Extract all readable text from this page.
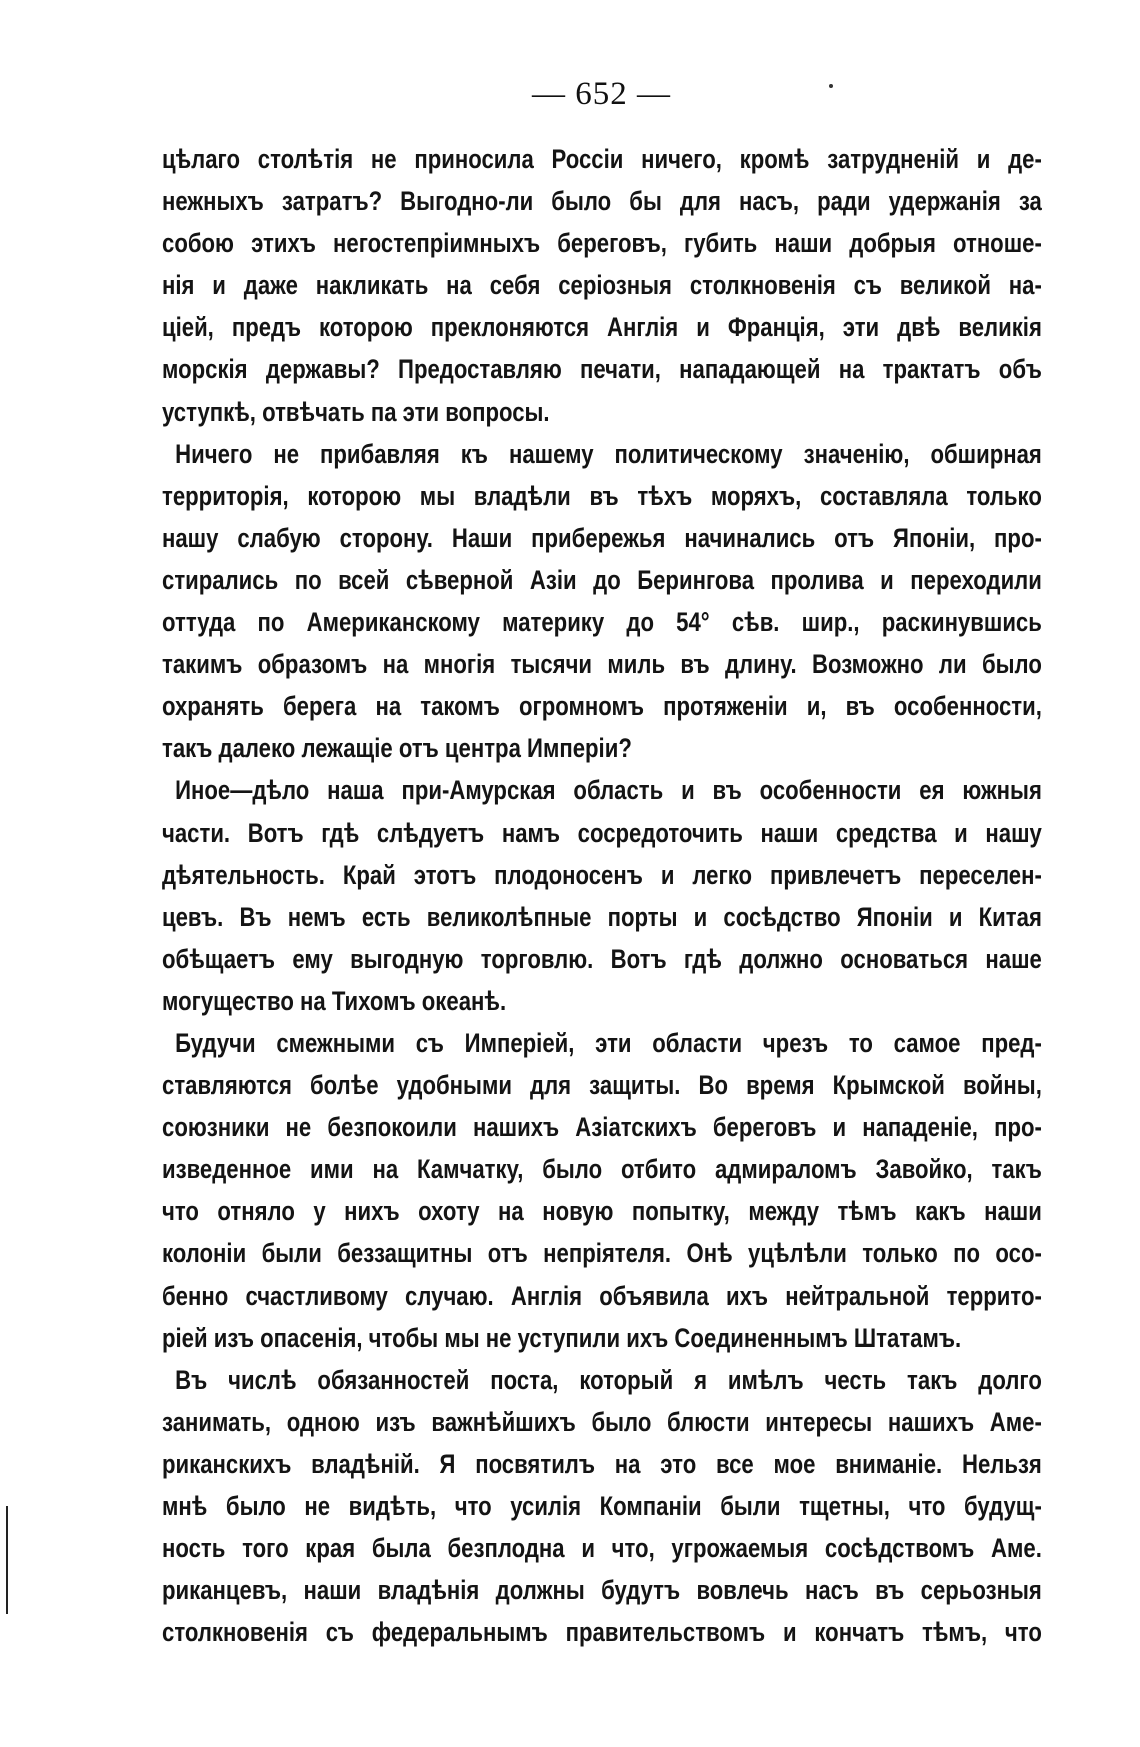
— 652 —
цѣлаго столѣтія не приносила Россіи ничего, кромѣ затрудненій и де-
нежныхъ затратъ? Выгодно-ли было бы для насъ, ради удержанія за
собою этихъ негостепріимныхъ береговъ, губить наши добрыя отноше-
нія и даже накликать на себя серіозныя столкновенія съ великой на-
ціей, предъ которою преклоняются Англія и Франція, эти двѣ великія
морскія державы? Предоставляю печати, нападающей на трактатъ объ
уступкѣ, отвѣчать па эти вопросы.
Ничего не прибавляя къ нашему политическому значенію, обширная
территорія, которою мы владѣли въ тѣхъ моряхъ, составляла только
нашу слабую сторону. Наши прибережья начинались отъ Японіи, про-
стирались по всей сѣверной Азіи до Берингова пролива и переходили
оттуда по Американскому материку до 54° сѣв. шир., раскинувшись
такимъ образомъ на многія тысячи миль въ длину. Возможно ли было
охранять берега на такомъ огромномъ протяженіи и, въ особенности,
такъ далеко лежащіе отъ центра Имперіи?
Иное—дѣло наша при-Амурская область и въ особенности ея южныя
части. Вотъ гдѣ слѣдуетъ намъ сосредоточить наши средства и нашу
дѣятельность. Край этотъ плодоносенъ и легко привлечетъ переселен-
цевъ. Въ немъ есть великолѣпные порты и сосѣдство Японіи и Китая
обѣщаетъ ему выгодную торговлю. Вотъ гдѣ должно основаться наше
могущество на Тихомъ океанѣ.
Будучи смежными съ Имперіей, эти области чрезъ то самое пред-
ставляются болѣе удобными для защиты. Во время Крымской войны,
союзники не безпокоили нашихъ Азіатскихъ береговъ и нападеніе, про-
изведенное ими на Камчатку, было отбито адмираломъ Завойко, такъ
что отняло у нихъ охоту на новую попытку, между тѣмъ какъ наши
колоніи были беззащитны отъ непріятеля. Онѣ уцѣлѣли только по осо-
бенно счастливому случаю. Англія объявила ихъ нейтральной террито-
ріей изъ опасенія, чтобы мы не уступили ихъ Соединеннымъ Штатамъ.
Въ числѣ обязанностей поста, который я имѣлъ честь такъ долго
занимать, одною изъ важнѣйшихъ было блюсти интересы нашихъ Аме-
риканскихъ владѣній. Я посвятилъ на это все мое вниманіе. Нельзя
мнѣ было не видѣть, что усилія Компаніи были тщетны, что будущ-
ность того края была безплодна и что, угрожаемыя сосѣдствомъ Аме.
риканцевъ, наши владѣнія должны будутъ вовлечь насъ въ серьозныя
столкновенія съ федеральнымъ правительствомъ и кончатъ тѣмъ, что
